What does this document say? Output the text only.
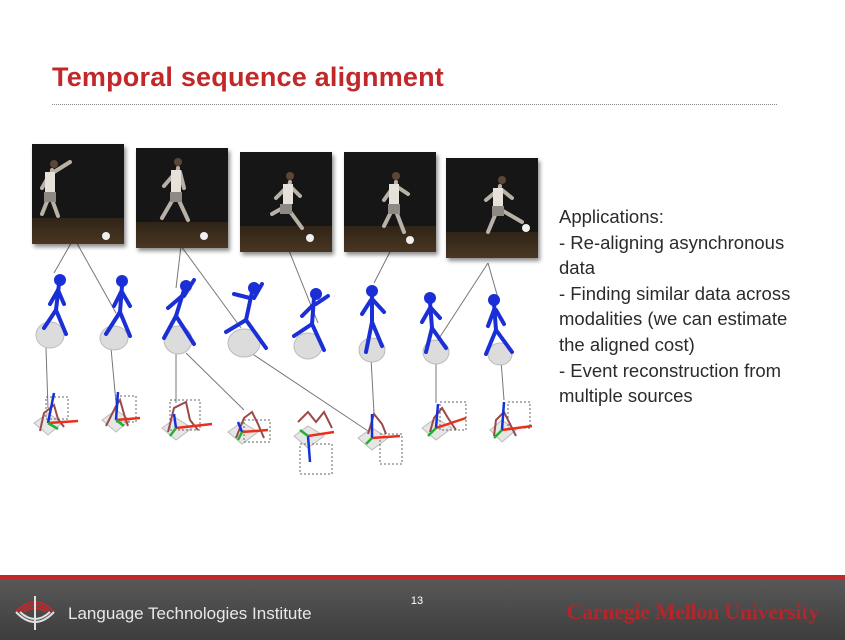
Temporal sequence alignment
Applications:
- Re-aligning asynchronous
data
- Finding similar data across
modalities (we can estimate
the aligned cost)
- Event reconstruction from
multiple sources
Language Technologies Institute
13	Carnegie Mellon University
